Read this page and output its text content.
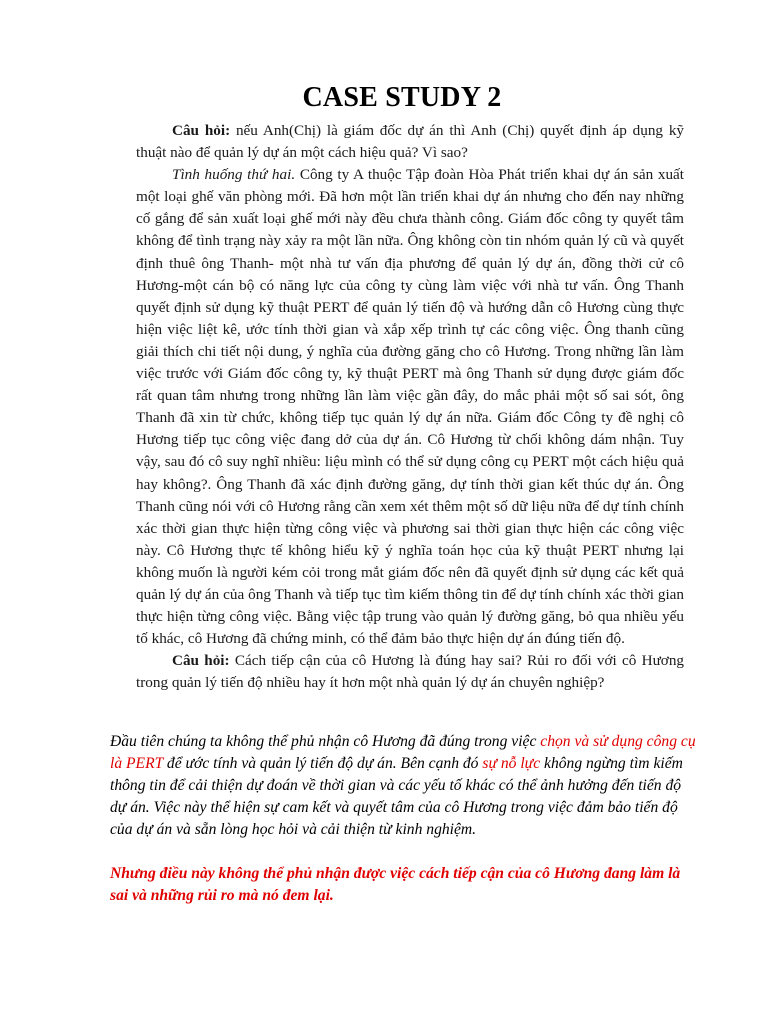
CASE STUDY 2

Câu hỏi: nếu Anh(Chị) là giám đốc dự án thì Anh (Chị) quyết định áp dụng kỹ thuật nào để quản lý dự án một cách hiệu quả? Vì sao?

Tình huống thứ hai. Công ty A thuộc Tập đoàn Hòa Phát triển khai dự án sản xuất một loại ghế văn phòng mới. Đã hơn một lần triển khai dự án nhưng cho đến nay những cố gắng để sản xuất loại ghế mới này đều chưa thành công. Giám đốc công ty quyết tâm không để tình trạng này xảy ra một lần nữa. Ông không còn tin nhóm quản lý cũ và quyết định thuê ông Thanh- một nhà tư vấn địa phương để quản lý dự án, đồng thời cử cô Hương-một cán bộ có năng lực của công ty cùng làm việc với nhà tư vấn. Ông Thanh quyết định sử dụng kỹ thuật PERT để quản lý tiến độ và hướng dẫn cô Hương cùng thực hiện việc liệt kê, ước tính thời gian và xắp xếp trình tự các công việc. Ông thanh cũng giải thích chi tiết nội dung, ý nghĩa của đường găng cho cô Hương. Trong những lần làm việc trước với Giám đốc công ty, kỹ thuật PERT mà ông Thanh sử dụng được giám đốc rất quan tâm nhưng trong những lần làm việc gần đây, do mắc phải một số sai sót, ông Thanh đã xin từ chức, không tiếp tục quản lý dự án nữa. Giám đốc Công ty đề nghị cô Hương tiếp tục công việc đang dở của dự án. Cô Hương từ chối không dám nhận. Tuy vậy, sau đó cô suy nghĩ nhiều: liệu mình có thể sử dụng công cụ PERT một cách hiệu quả hay không?. Ông Thanh đã xác định đường găng, dự tính thời gian kết thúc dự án. Ông Thanh cũng nói với cô Hương rằng cần xem xét thêm một số dữ liệu nữa để dự tính chính xác thời gian thực hiện từng công việc và phương sai thời gian thực hiện các công việc này. Cô Hương thực tế không hiểu kỹ ý nghĩa toán học của kỹ thuật PERT nhưng lại không muốn là người kém cỏi trong mắt giám đốc nên đã quyết định sử dụng các kết quả quản lý dự án của ông Thanh và tiếp tục tìm kiếm thông tin để dự tính chính xác thời gian thực hiện từng công việc. Bằng việc tập trung vào quản lý đường găng, bỏ qua nhiều yếu tố khác, cô Hương đã chứng minh, có thể đảm bảo thực hiện dự án đúng tiến độ.

Câu hỏi: Cách tiếp cận của cô Hương là đúng hay sai? Rủi ro đối với cô Hương trong quản lý tiến độ nhiều hay ít hơn một nhà quản lý dự án chuyên nghiệp?

Đầu tiên chúng ta không thể phủ nhận cô Hương đã đúng trong việc chọn và sử dụng công cụ là PERT để ước tính và quản lý tiến độ dự án. Bên cạnh đó sự nỗ lực không ngừng tìm kiếm thông tin để cải thiện dự đoán về thời gian và các yếu tố khác có thể ảnh hưởng đến tiến độ dự án. Việc này thể hiện sự cam kết và quyết tâm của cô Hương trong việc đảm bảo tiến độ của dự án và sẵn lòng học hỏi và cải thiện từ kinh nghiệm.

Nhưng điều này không thể phủ nhận được việc cách tiếp cận của cô Hương đang làm là sai và những rủi ro mà nó đem lại.
